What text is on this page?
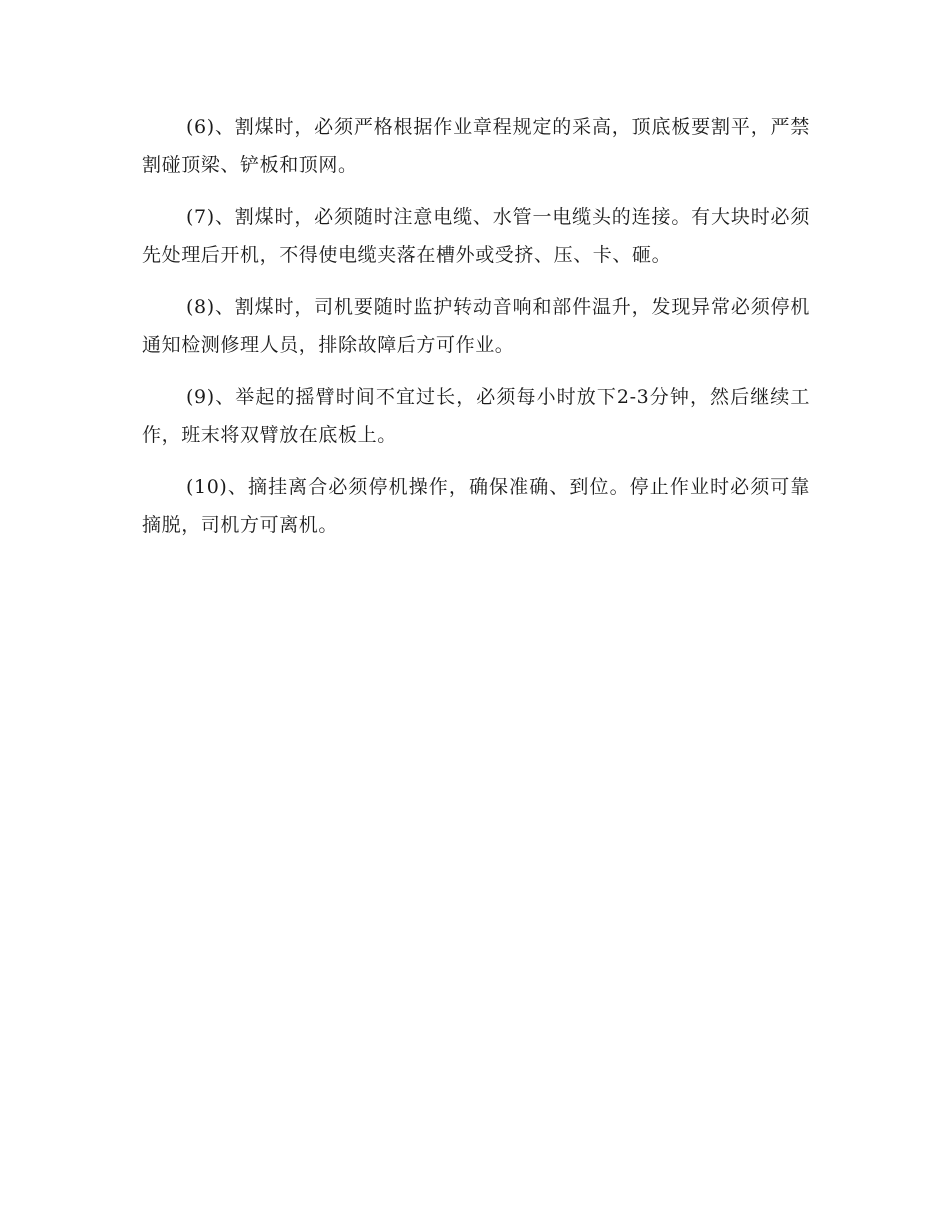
(6)、割煤时，必须严格根据作业章程规定的采高，顶底板要割平，严禁割碰顶梁、铲板和顶网。

(7)、割煤时，必须随时注意电缆、水管一电缆头的连接。有大块时必须先处理后开机，不得使电缆夹落在槽外或受挤、压、卡、砸。

(8)、割煤时，司机要随时监护转动音响和部件温升，发现异常必须停机通知检测修理人员，排除故障后方可作业。

(9)、举起的摇臂时间不宜过长，必须每小时放下2-3分钟，然后继续工作，班末将双臂放在底板上。

(10)、摘挂离合必须停机操作，确保准确、到位。停止作业时必须可靠摘脱，司机方可离机。
